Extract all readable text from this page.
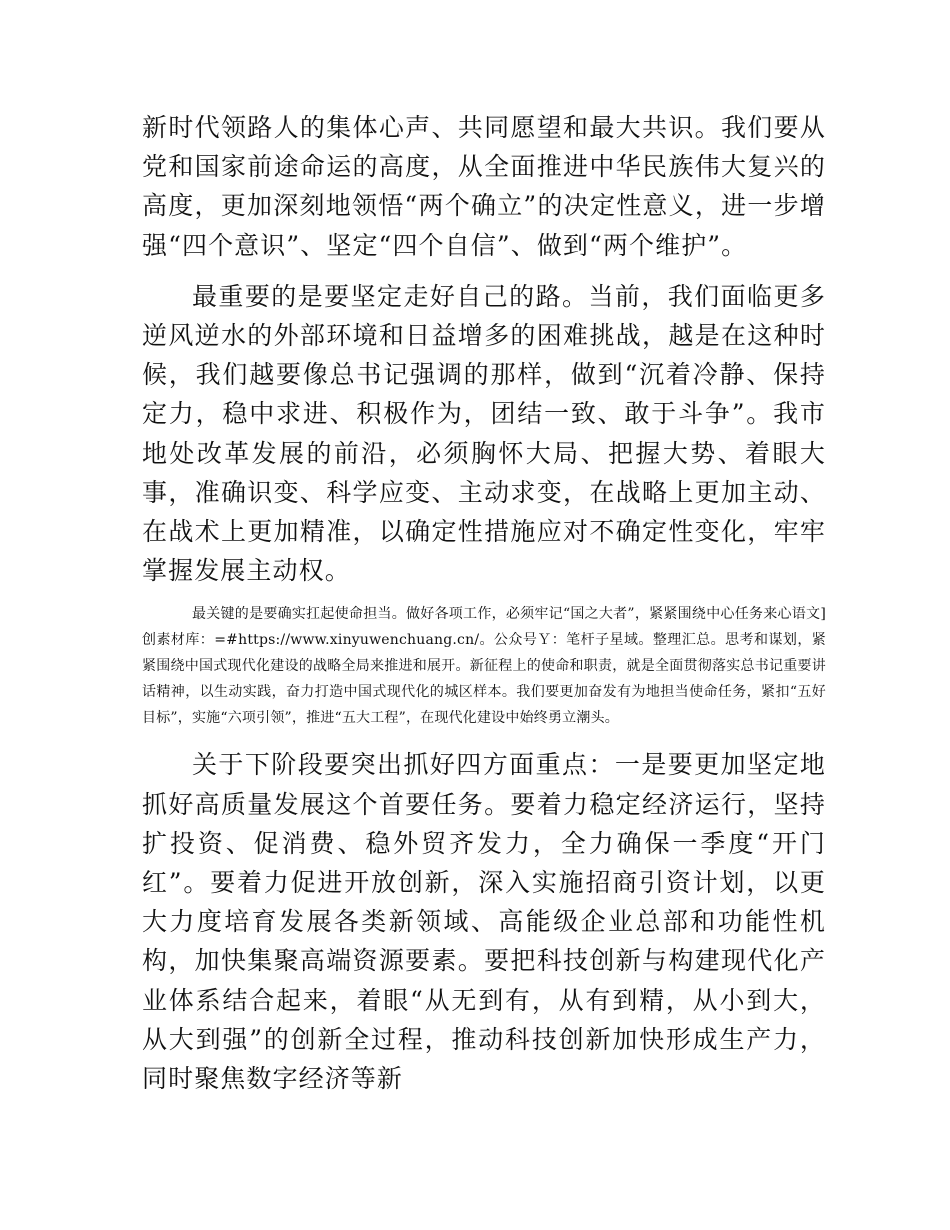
新时代领路人的集体心声、共同愿望和最大共识。我们要从党和国家前途命运的高度，从全面推进中华民族伟大复兴的高度，更加深刻地领悟“两个确立”的决定性意义，进一步增强“四个意识”、坚定“四个自信”、做到“两个维护”。

最重要的是要坚定走好自己的路。当前，我们面临更多逆风逆水的外部环境和日益增多的困难挑战，越是在这种时候，我们越要像总书记强调的那样，做到“沉着冷静、保持定力，稳中求进、积极作为，团结一致、敢于斗争”。我市地处改革发展的前沿，必须胸怀大局、把握大势、着眼大事，准确识变、科学应变、主动求变，在战略上更加主动、在战术上更加精准，以确定性措施应对不确定性变化，牢牢掌握发展主动权。

最关键的是要确实扛起使命担当。做好各项工作，必须牢记“国之大者”，紧紧围绕中心任务来心语文]创素材库：=#https://www.xinyuwenchuang.cn/。公众号Ｙ：笔杆子星域。整理汇总。思考和谋划，紧紧围绕中国式现代化建设的战略全局来推进和展开。新征程上的使命和职责，就是全面贯彻落实总书记重要讲话精神，以生动实践，奋力打造中国式现代化的城区样本。我们要更加奋发有为地担当使命任务，紧扣“五好目标”，实施“六项引领”，推进“五大工程”，在现代化建设中始终勇立潮头。

关于下阶段要突出抓好四方面重点：一是要更加坚定地抓好高质量发展这个首要任务。要着力稳定经济运行，坚持扩投资、促消费、稳外贸齐发力，全力确保一季度“开门红”。要着力促进开放创新，深入实施招商引资计划，以更大力度培育发展各类新领域、高能级企业总部和功能性机构，加快集聚高端资源要素。要把科技创新与构建现代化产业体系结合起来，着眼“从无到有，从有到精，从小到大，从大到强”的创新全过程，推动科技创新加快形成生产力，同时聚焦数字经济等新
